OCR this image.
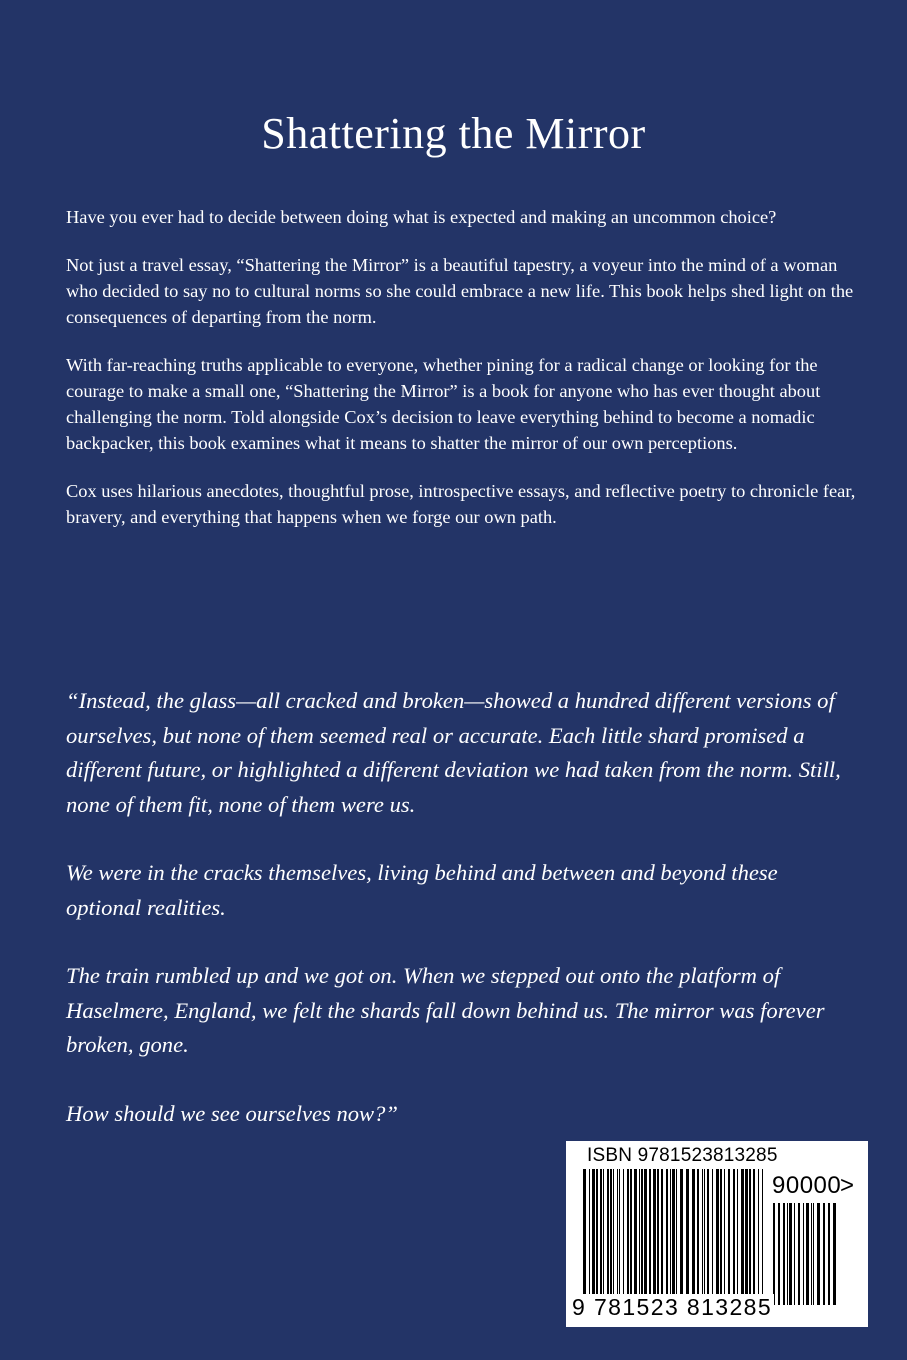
Shattering the Mirror

Have you ever had to decide between doing what is expected and making an uncommon choice?

Not just a travel essay, “Shattering the Mirror” is a beautiful tapestry, a voyeur into the mind of a woman who decided to say no to cultural norms so she could embrace a new life. This book helps shed light on the consequences of departing from the norm.

With far-reaching truths applicable to everyone, whether pining for a radical change or looking for the courage to make a small one, “Shattering the Mirror” is a book for anyone who has ever thought about challenging the norm. Told alongside Cox’s decision to leave everything behind to become a nomadic backpacker, this book examines what it means to shatter the mirror of our own perceptions.

Cox uses hilarious anecdotes, thoughtful prose, introspective essays, and reflective poetry to chronicle fear, bravery, and everything that happens when we forge our own path.

“Instead, the glass—all cracked and broken—showed a hundred different versions of ourselves, but none of them seemed real or accurate. Each little shard promised a different future, or highlighted a different deviation we had taken from the norm. Still, none of them fit, none of them were us.

We were in the cracks themselves, living behind and between and beyond these optional realities.

The train rumbled up and we got on. When we stepped out onto the platform of Haselmere, England, we felt the shards fall down behind us. The mirror was forever broken, gone.

How should we see ourselves now?”

ISBN 9781523813285
90000
>
9 781523 813285
